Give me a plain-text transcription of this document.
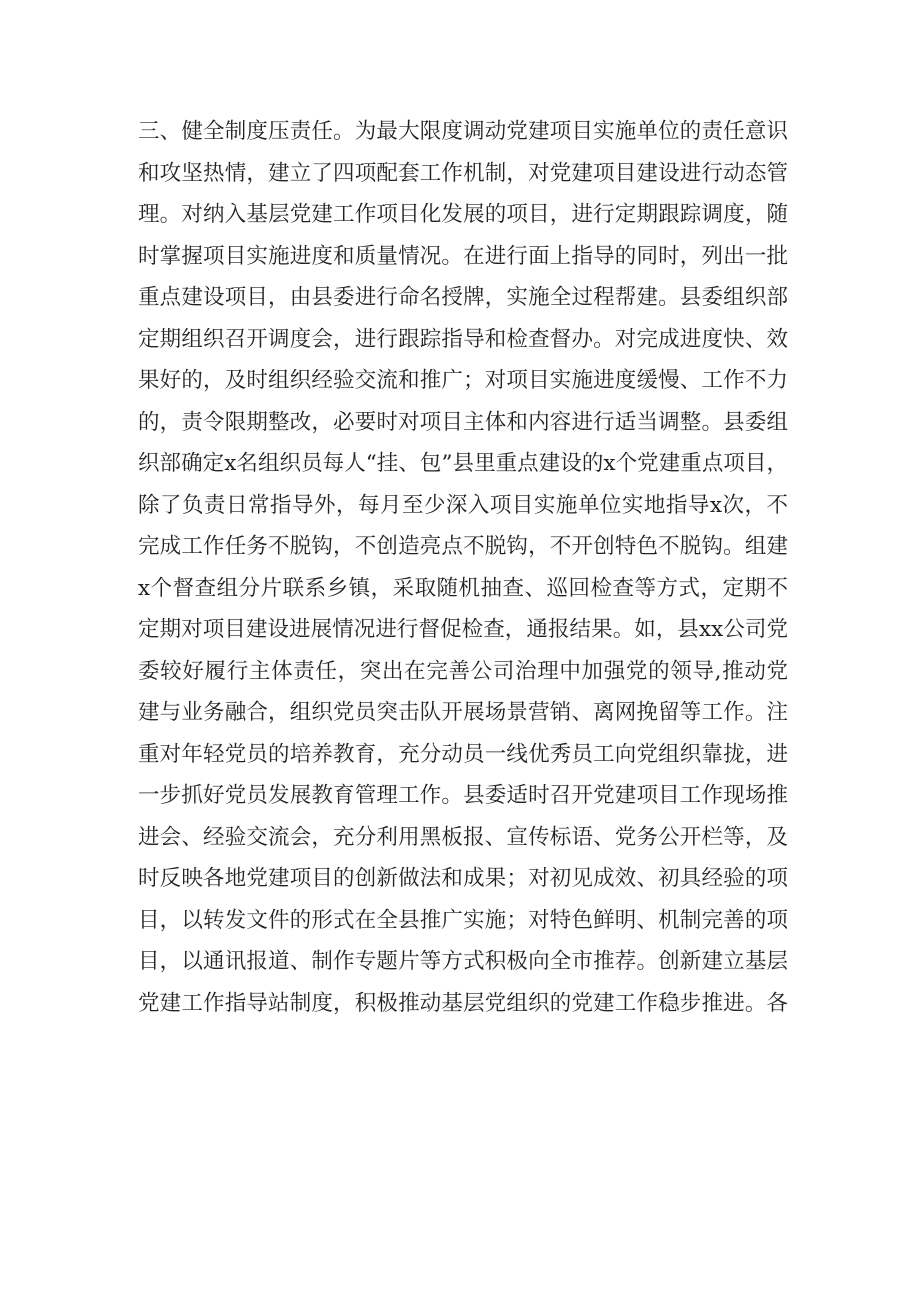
三、健全制度压责任。为最大限度调动党建项目实施单位的责任意识
和攻坚热情，建立了四项配套工作机制，对党建项目建设进行动态管
理。对纳入基层党建工作项目化发展的项目，进行定期跟踪调度，随
时掌握项目实施进度和质量情况。在进行面上指导的同时，列出一批
重点建设项目，由县委进行命名授牌，实施全过程帮建。县委组织部
定期组织召开调度会，进行跟踪指导和检查督办。对完成进度快、效
果好的，及时组织经验交流和推广；对项目实施进度缓慢、工作不力
的，责令限期整改，必要时对项目主体和内容进行适当调整。县委组
织部确定x名组织员每人“挂、包”县里重点建设的x个党建重点项目，
除了负责日常指导外，每月至少深入项目实施单位实地指导x次，不
完成工作任务不脱钩，不创造亮点不脱钩，不开创特色不脱钩。组建
x个督查组分片联系乡镇，采取随机抽查、巡回检查等方式，定期不
定期对项目建设进展情况进行督促检查，通报结果。如，县xx公司党
委较好履行主体责任，突出在完善公司治理中加强党的领导,推动党
建与业务融合，组织党员突击队开展场景营销、离网挽留等工作。注
重对年轻党员的培养教育，充分动员一线优秀员工向党组织靠拢，进
一步抓好党员发展教育管理工作。县委适时召开党建项目工作现场推
进会、经验交流会，充分利用黑板报、宣传标语、党务公开栏等，及
时反映各地党建项目的创新做法和成果；对初见成效、初具经验的项
目，以转发文件的形式在全县推广实施；对特色鲜明、机制完善的项
目，以通讯报道、制作专题片等方式积极向全市推荐。创新建立基层
党建工作指导站制度，积极推动基层党组织的党建工作稳步推进。各
